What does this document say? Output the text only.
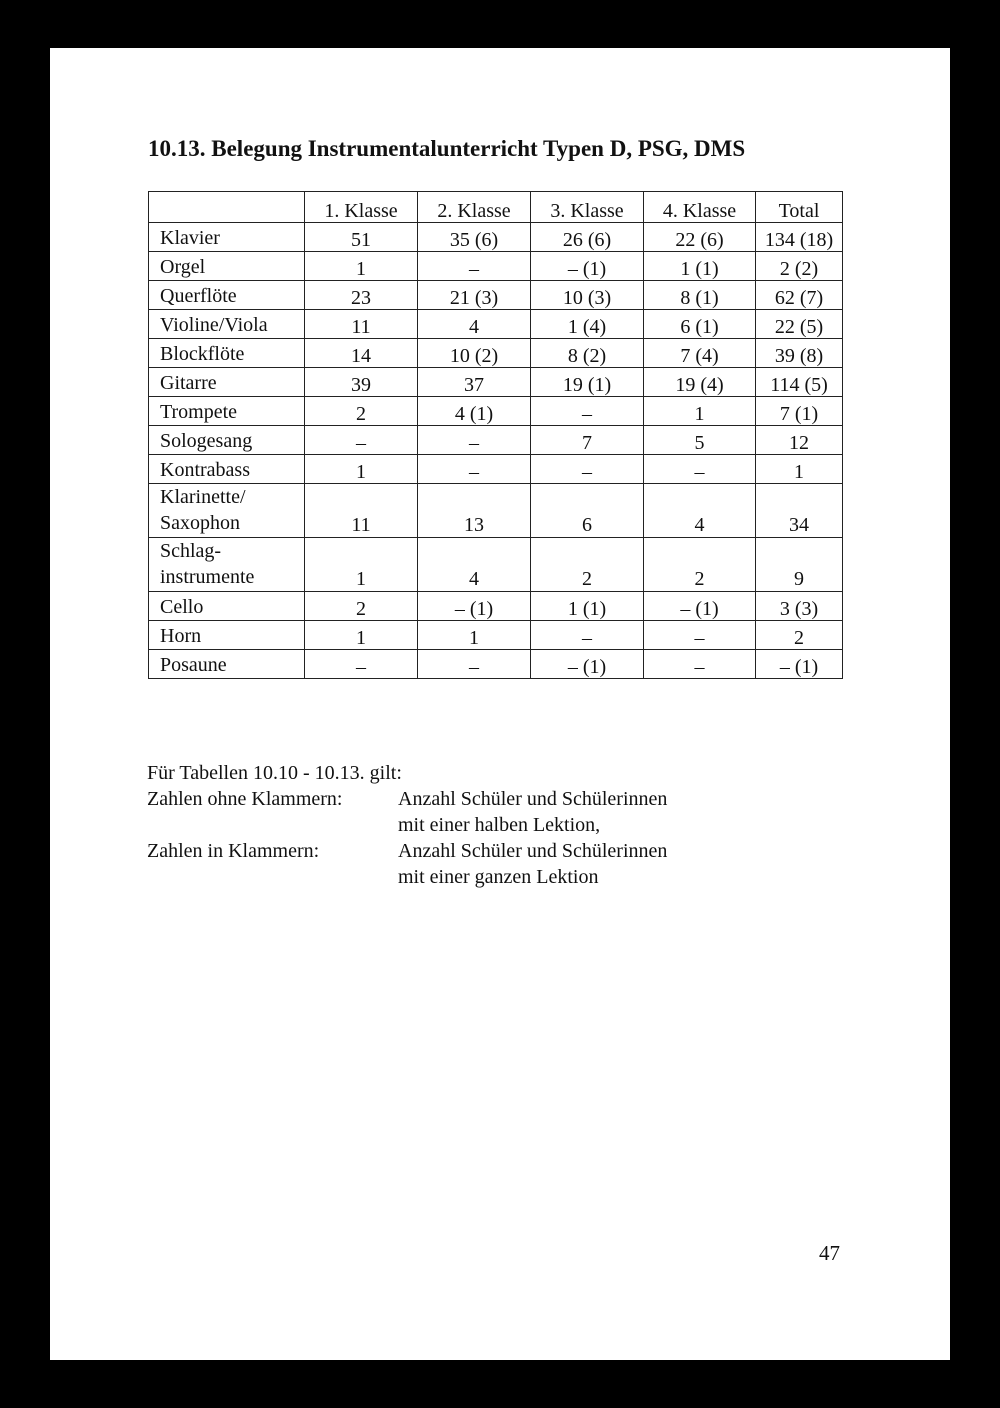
10.13. Belegung Instrumentalunterricht Typen D, PSG, DMS
	1. Klasse	2. Klasse	3. Klasse	4. Klasse	Total

Klavier	51	35 (6)	26 (6)	22 (6)	134 (18)

Orgel	1	–	– (1)	1 (1)	2 (2)

Querflöte	23	21 (3)	10 (3)	8 (1)	62 (7)

Violine/Viola	11	4	1 (4)	6 (1)	22 (5)

Blockflöte	14	10 (2)	8 (2)	7 (4)	39 (8)

Gitarre	39	37	19 (1)	19 (4)	114 (5)

Trompete	2	4 (1)	–	1	7 (1)

Sologesang	–	–	7	5	12

Kontrabass	1	–	–	–	1

Klarinette/
Saxophon	11	13	6	4	34

Schlag-
instrumente	1	4	2	2	9

Cello	2	– (1)	1 (1)	– (1)	3 (3)

Horn	1	1	–	–	2

Posaune	–	–	– (1)	–	– (1)
Für Tabellen 10.10 - 10.13. gilt:
Zahlen ohne Klammern:	Anzahl Schüler und Schülerinnen
mit einer halben Lektion,
Zahlen in Klammern:	Anzahl Schüler und Schülerinnen
mit einer ganzen Lektion
47
